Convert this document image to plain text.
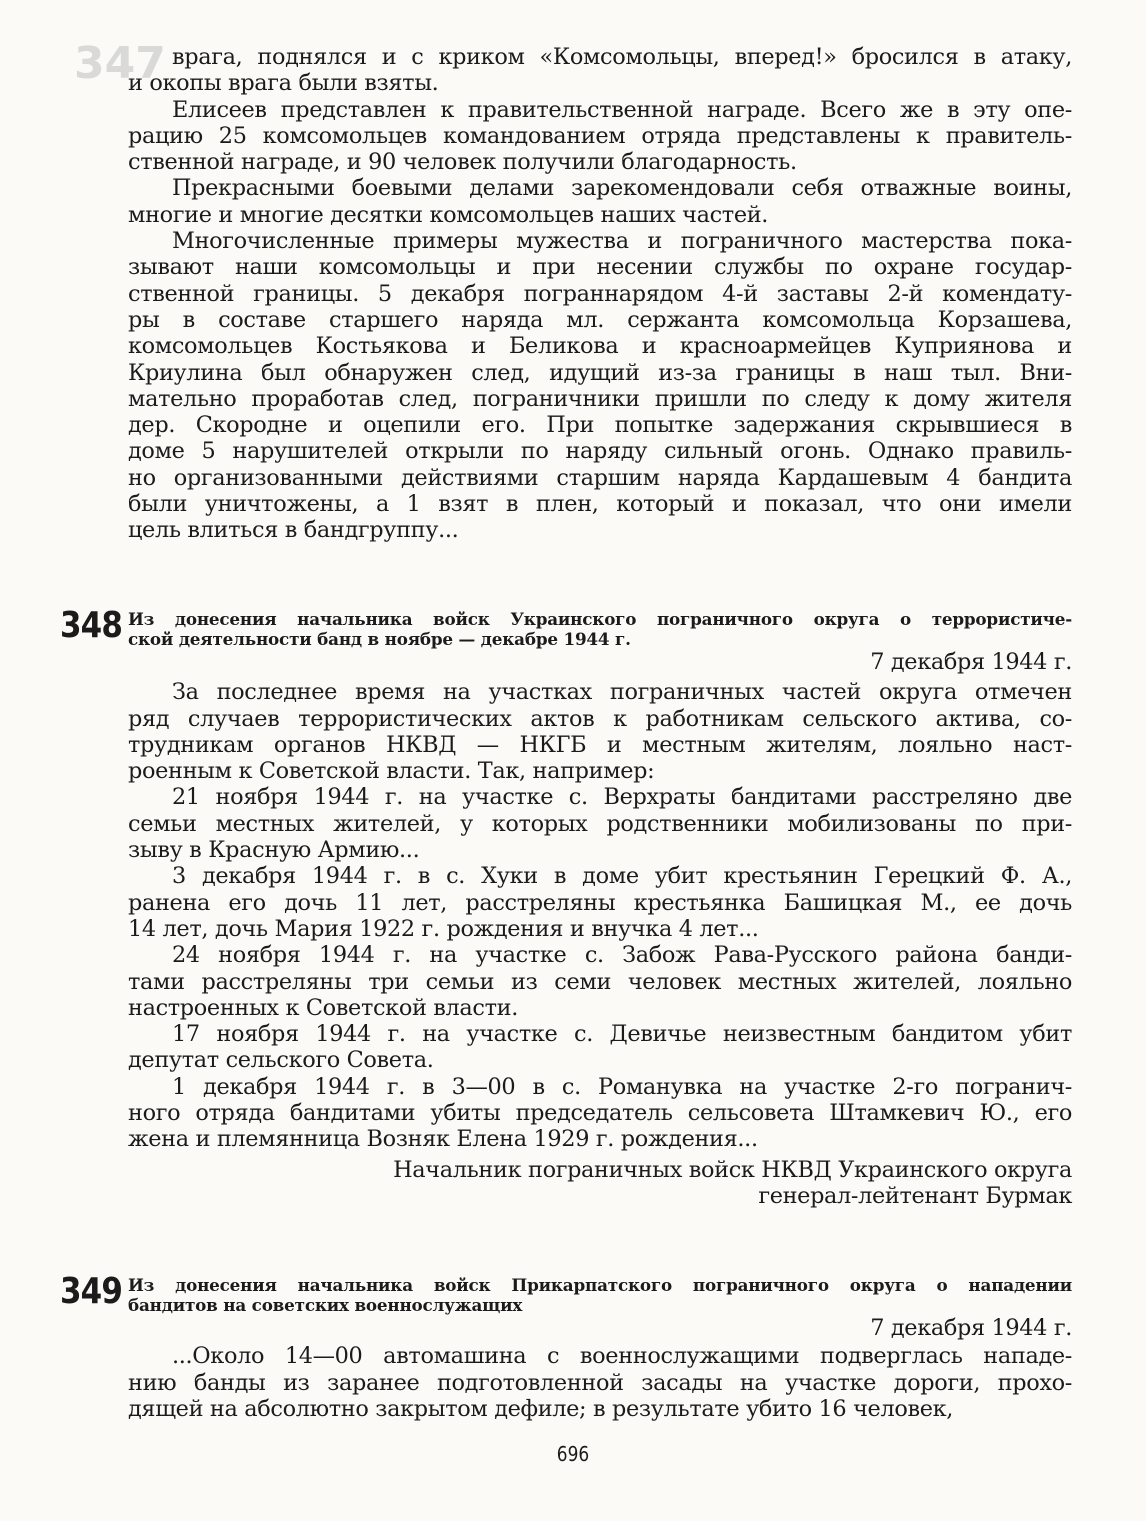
347 врага, поднялся и с криком «Комсомольцы, вперед!» бросился в атаку,

и окопы врага были взяты.

Елисеев представлен к правительственной награде. Всего же в эту опе-

рацию 25 комсомольцев командованием отряда представлены к правитель-

ственной награде, и 90 человек получили благодарность.

Прекрасными боевыми делами зарекомендовали себя отважные воины,

многие и многие десятки комсомольцев наших частей.

Многочисленные примеры мужества и пограничного мастерства пока-

зывают наши комсомольцы и при несении службы по охране государ-

ственной границы. 5 декабря пограннарядом 4-й заставы 2-й комендату-

ры в составе старшего наряда мл. сержанта комсомольца Корзашева,

комсомольцев Костьякова и Беликова и красноармейцев Куприянова и

Криулина был обнаружен след, идущий из-за границы в наш тыл. Вни-

мательно проработав след, пограничники пришли по следу к дому жителя

дер. Скородне и оцепили его. При попытке задержания скрывшиеся в

доме 5 нарушителей открыли по наряду сильный огонь. Однако правиль-

но организованными действиями старшим наряда Кардашевым 4 бандита

были уничтожены, а 1 взят в плен, который и показал, что они имели

цель влиться в бандгруппу...

348 Из донесения начальника войск Украинского пограничного округа о террористиче-

ской деятельности банд в ноябре — декабре 1944 г.

7 декабря 1944 г.

За последнее время на участках пограничных частей округа отмечен

ряд случаев террористических актов к работникам сельского актива, со-

трудникам органов НКВД — НКГБ и местным жителям, лояльно наст-

роенным к Советской власти. Так, например:

21 ноября 1944 г. на участке с. Верхраты бандитами расстреляно две

семьи местных жителей, у которых родственники мобилизованы по при-

зыву в Красную Армию...

3 декабря 1944 г. в с. Хуки в доме убит крестьянин Герецкий Ф. А.,

ранена его дочь 11 лет, расстреляны крестьянка Башицкая М., ее дочь

14 лет, дочь Мария 1922 г. рождения и внучка 4 лет...

24 ноября 1944 г. на участке с. Забож Рава-Русского района банди-

тами расстреляны три семьи из семи человек местных жителей, лояльно

настроенных к Советской власти.

17 ноября 1944 г. на участке с. Девичье неизвестным бандитом убит

депутат сельского Совета.

1 декабря 1944 г. в 3—00 в с. Романувка на участке 2-го погранич-

ного отряда бандитами убиты председатель сельсовета Штамкевич Ю., его

жена и племянница Возняк Елена 1929 г. рождения...

Начальник пограничных войск НКВД Украинского округа

генерал-лейтенант Бурмак

349 Из донесения начальника войск Прикарпатского пограничного округа о нападении

бандитов на советских военнослужащих

7 декабря 1944 г.

...Около 14—00 автомашина с военнослужащими подверглась нападе-

нию банды из заранее подготовленной засады на участке дороги, прохо-

дящей на абсолютно закрытом дефиле; в результате убито 16 человек,

696
